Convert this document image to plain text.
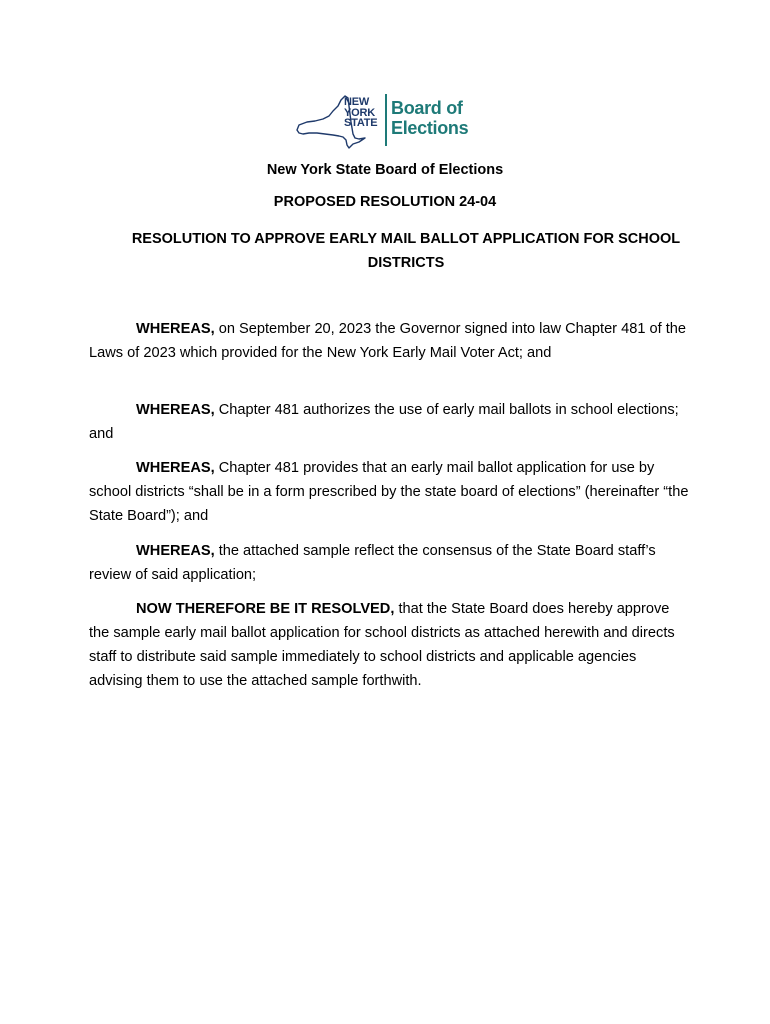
NEW
YORK
STATE
Board of
Elections
New York State Board of Elections
PROPOSED RESOLUTION 24-04
RESOLUTION TO APPROVE EARLY MAIL BALLOT APPLICATION FOR SCHOOL DISTRICTS

WHEREAS, on September 20, 2023 the Governor signed into law Chapter 481 of the Laws of 2023 which provided for the New York Early Mail Voter Act; and

WHEREAS, Chapter 481 authorizes the use of early mail ballots in school elections; and

WHEREAS, Chapter 481 provides that an early mail ballot application for use by school districts “shall be in a form prescribed by the state board of elections” (hereinafter “the State Board”); and

WHEREAS, the attached sample reflect the consensus of the State Board staff’s review of said application;

NOW THEREFORE BE IT RESOLVED, that the State Board does hereby approve the sample early mail ballot application for school districts as attached herewith and directs staff to distribute said sample immediately to school districts and applicable agencies advising them to use the attached sample forthwith.
